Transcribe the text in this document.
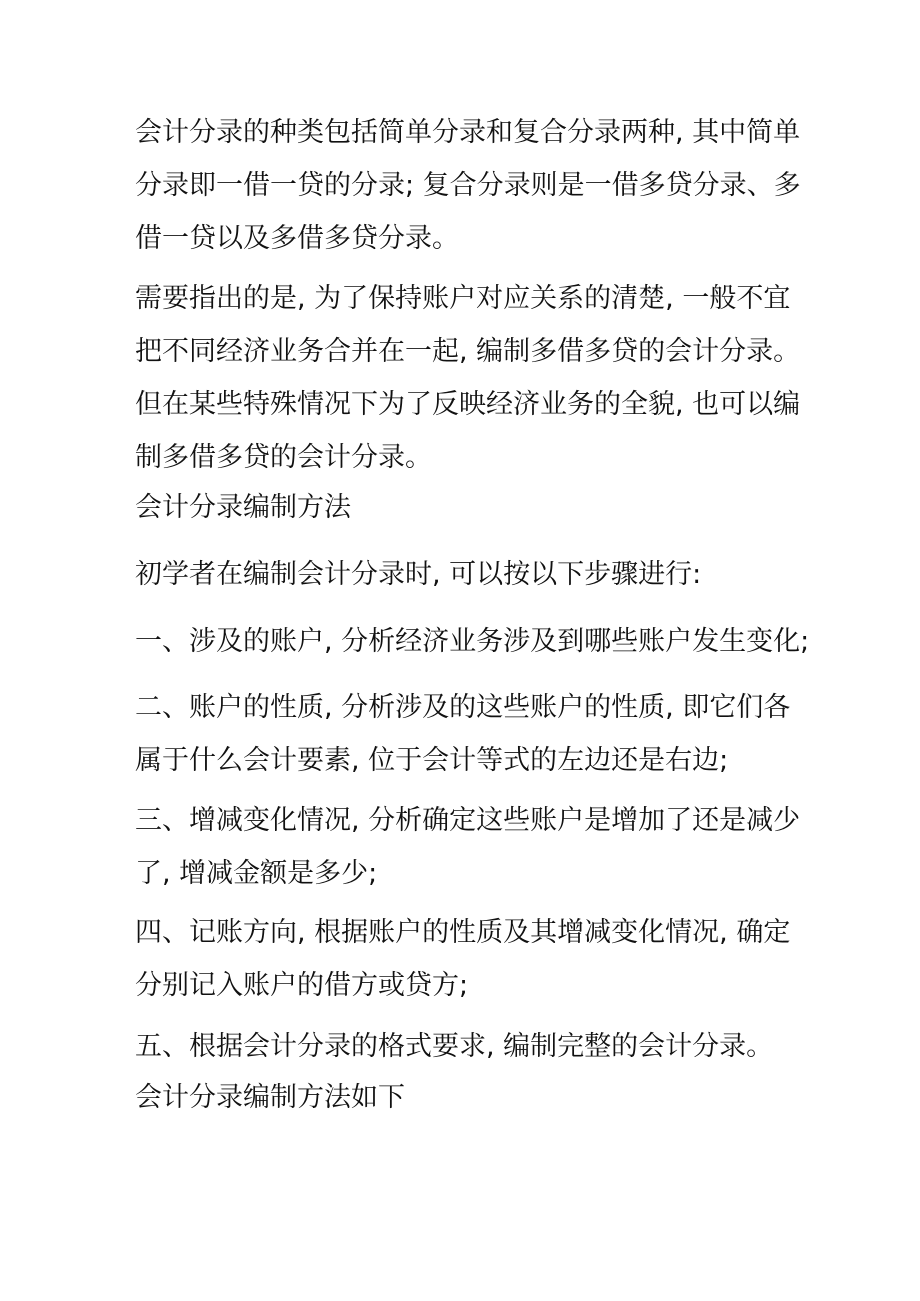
会计分录的种类包括简单分录和复合分录两种, 其中简单
分录即一借一贷的分录; 复合分录则是一借多贷分录、多
借一贷以及多借多贷分录。

需要指出的是, 为了保持账户对应关系的清楚, 一般不宜
把不同经济业务合并在一起, 编制多借多贷的会计分录。
但在某些特殊情况下为了反映经济业务的全貌, 也可以编
制多借多贷的会计分录。

会计分录编制方法

初学者在编制会计分录时, 可以按以下步骤进行:

一、涉及的账户, 分析经济业务涉及到哪些账户发生变化;

二、账户的性质, 分析涉及的这些账户的性质, 即它们各
属于什么会计要素, 位于会计等式的左边还是右边;

三、增减变化情况, 分析确定这些账户是增加了还是减少
了, 增减金额是多少;

四、记账方向, 根据账户的性质及其增减变化情况, 确定
分别记入账户的借方或贷方;

五、根据会计分录的格式要求, 编制完整的会计分录。

会计分录编制方法如下
